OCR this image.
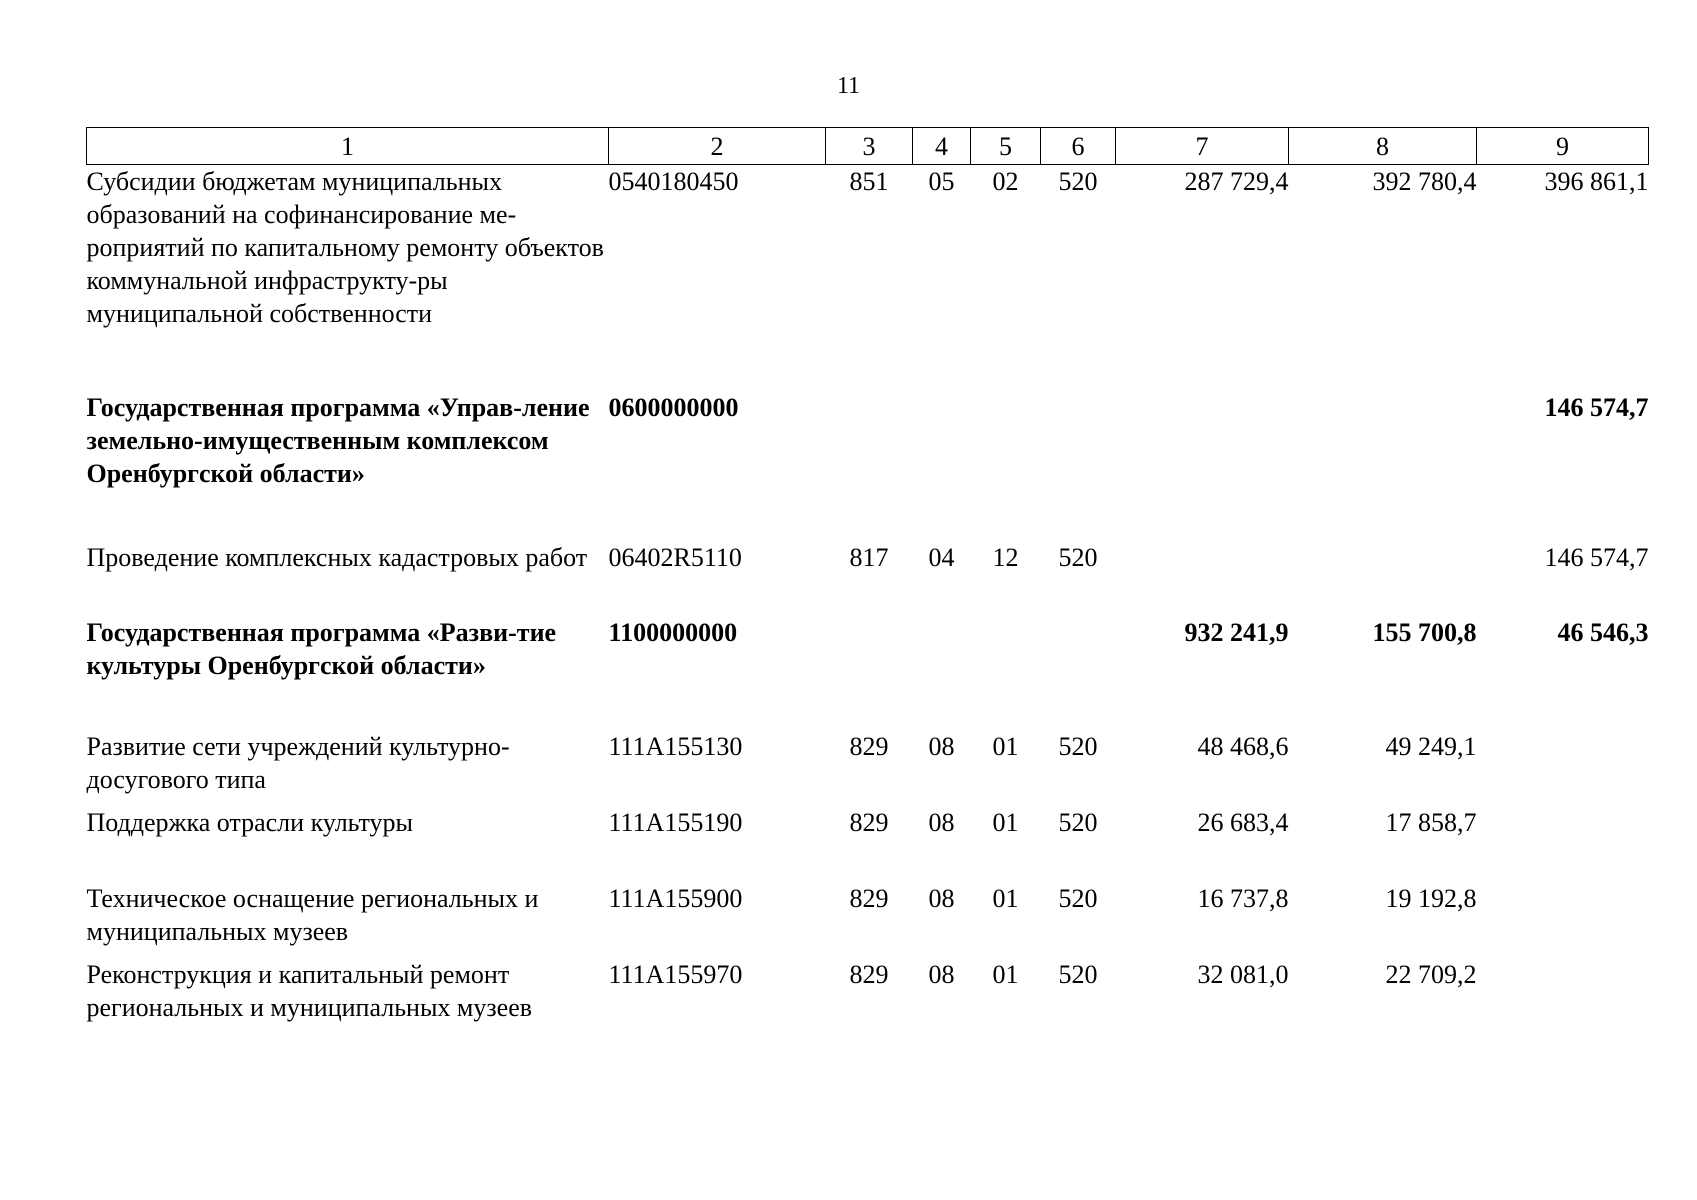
11
1	2	3	4	5	6	7	8	9
Субсидии бюджетам муниципальных образований на софинансирование ме-роприятий по капитальному ремонту объектов коммунальной инфраструкту-ры муниципальной собственности	0540180450	851	05	02	520	287 729,4	392 780,4	396 861,1
Государственная программа «Управ-ление земельно-имущественным комплексом Оренбургской области»	0600000000							146 574,7
Проведение комплексных кадастровых работ	06402R5110	817	04	12	520			146 574,7
Государственная программа «Разви-тие культуры Оренбургской области»	1100000000					932 241,9	155 700,8	46 546,3
Развитие сети учреждений культурно-досугового типа	111А155130	829	08	01	520	48 468,6	49 249,1	
Поддержка отрасли культуры	111А155190	829	08	01	520	26 683,4	17 858,7	
Техническое оснащение региональных и муниципальных музеев	111А155900	829	08	01	520	16 737,8	19 192,8	
Реконструкция и капитальный ремонт региональных и муниципальных музеев	111А155970	829	08	01	520	32 081,0	22 709,2	
